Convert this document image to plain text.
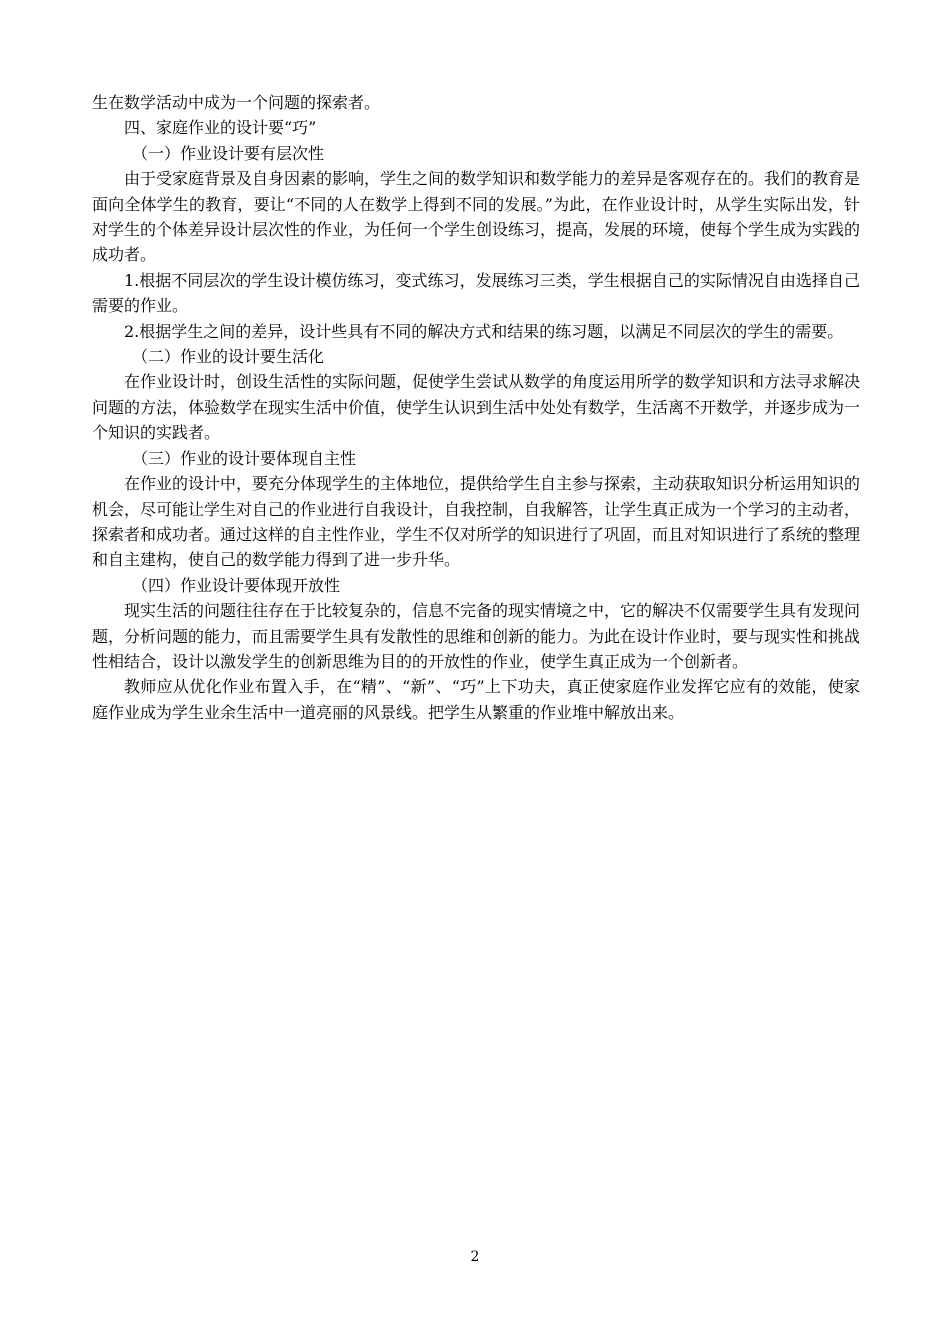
生在数学活动中成为一个问题的探索者。

四、家庭作业的设计要“巧”

（一）作业设计要有层次性

由于受家庭背景及自身因素的影响，学生之间的数学知识和数学能力的差异是客观存在的。我们的教育是面向全体学生的教育，要让“不同的人在数学上得到不同的发展。”为此，在作业设计时，从学生实际出发，针对学生的个体差异设计层次性的作业，为任何一个学生创设练习，提高，发展的环境，使每个学生成为实践的成功者。

1.根据不同层次的学生设计模仿练习，变式练习，发展练习三类，学生根据自己的实际情况自由选择自己需要的作业。

2.根据学生之间的差异，设计些具有不同的解决方式和结果的练习题，以满足不同层次的学生的需要。

（二）作业的设计要生活化

在作业设计时，创设生活性的实际问题，促使学生尝试从数学的角度运用所学的数学知识和方法寻求解决问题的方法，体验数学在现实生活中价值，使学生认识到生活中处处有数学，生活离不开数学，并逐步成为一个知识的实践者。

（三）作业的设计要体现自主性

在作业的设计中，要充分体现学生的主体地位，提供给学生自主参与探索，主动获取知识分析运用知识的机会，尽可能让学生对自己的作业进行自我设计，自我控制，自我解答，让学生真正成为一个学习的主动者，探索者和成功者。通过这样的自主性作业，学生不仅对所学的知识进行了巩固，而且对知识进行了系统的整理和自主建构，使自己的数学能力得到了进一步升华。

（四）作业设计要体现开放性

现实生活的问题往往存在于比较复杂的，信息不完备的现实情境之中，它的解决不仅需要学生具有发现问题，分析问题的能力，而且需要学生具有发散性的思维和创新的能力。为此在设计作业时，要与现实性和挑战性相结合，设计以激发学生的创新思维为目的的开放性的作业，使学生真正成为一个创新者。

教师应从优化作业布置入手，在“精”、“新”、“巧”上下功夫，真正使家庭作业发挥它应有的效能，使家庭作业成为学生业余生活中一道亮丽的风景线。把学生从繁重的作业堆中解放出来。

2
